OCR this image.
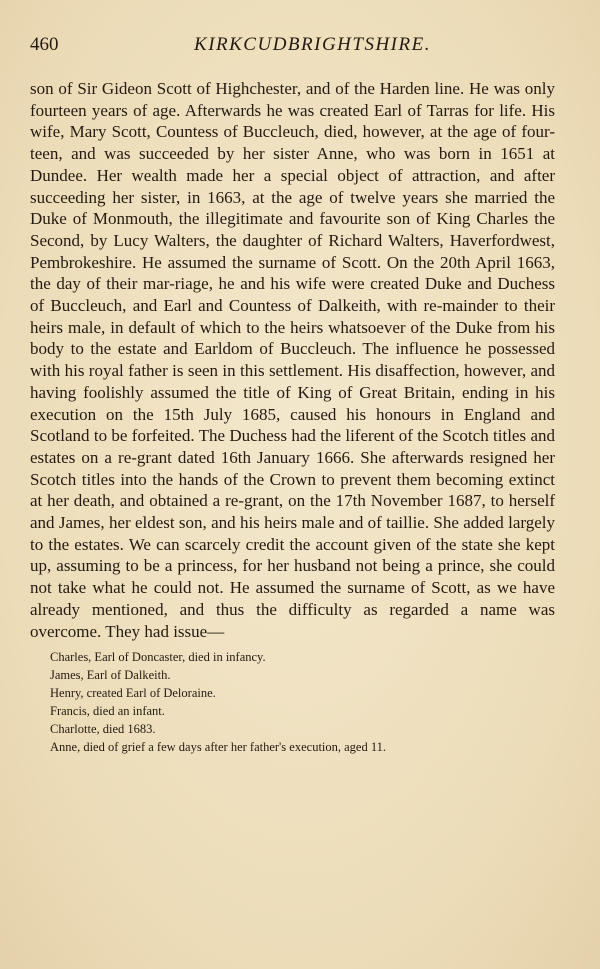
460	KIRKCUDBRIGHTSHIRE.

son of Sir Gideon Scott of Highchester, and of the Harden line. He was only fourteen years of age. Afterwards he was created Earl of Tarras for life. His wife, Mary Scott, Countess of Buccleuch, died, however, at the age of four-teen, and was succeeded by her sister Anne, who was born in 1651 at Dundee. Her wealth made her a special object of attraction, and after succeeding her sister, in 1663, at the age of twelve years she married the Duke of Monmouth, the illegitimate and favourite son of King Charles the Second, by Lucy Walters, the daughter of Richard Walters, Haverfordwest, Pembrokeshire. He assumed the surname of Scott. On the 20th April 1663, the day of their mar-riage, he and his wife were created Duke and Duchess of Buccleuch, and Earl and Countess of Dalkeith, with re-mainder to their heirs male, in default of which to the heirs whatsoever of the Duke from his body to the estate and Earldom of Buccleuch. The influence he possessed with his royal father is seen in this settlement. His disaffection, however, and having foolishly assumed the title of King of Great Britain, ending in his execution on the 15th July 1685, caused his honours in England and Scotland to be forfeited. The Duchess had the liferent of the Scotch titles and estates on a re-grant dated 16th January 1666. She afterwards resigned her Scotch titles into the hands of the Crown to prevent them becoming extinct at her death, and obtained a re-grant, on the 17th November 1687, to herself and James, her eldest son, and his heirs male and of taillie. She added largely to the estates. We can scarcely credit the account given of the state she kept up, assuming to be a princess, for her husband not being a prince, she could not take what he could not. He assumed the surname of Scott, as we have already mentioned, and thus the difficulty as regarded a name was overcome. They had issue—

Charles, Earl of Doncaster, died in infancy.
James, Earl of Dalkeith.
Henry, created Earl of Deloraine.
Francis, died an infant.
Charlotte, died 1683.
Anne, died of grief a few days after her father's execution, aged 11.
